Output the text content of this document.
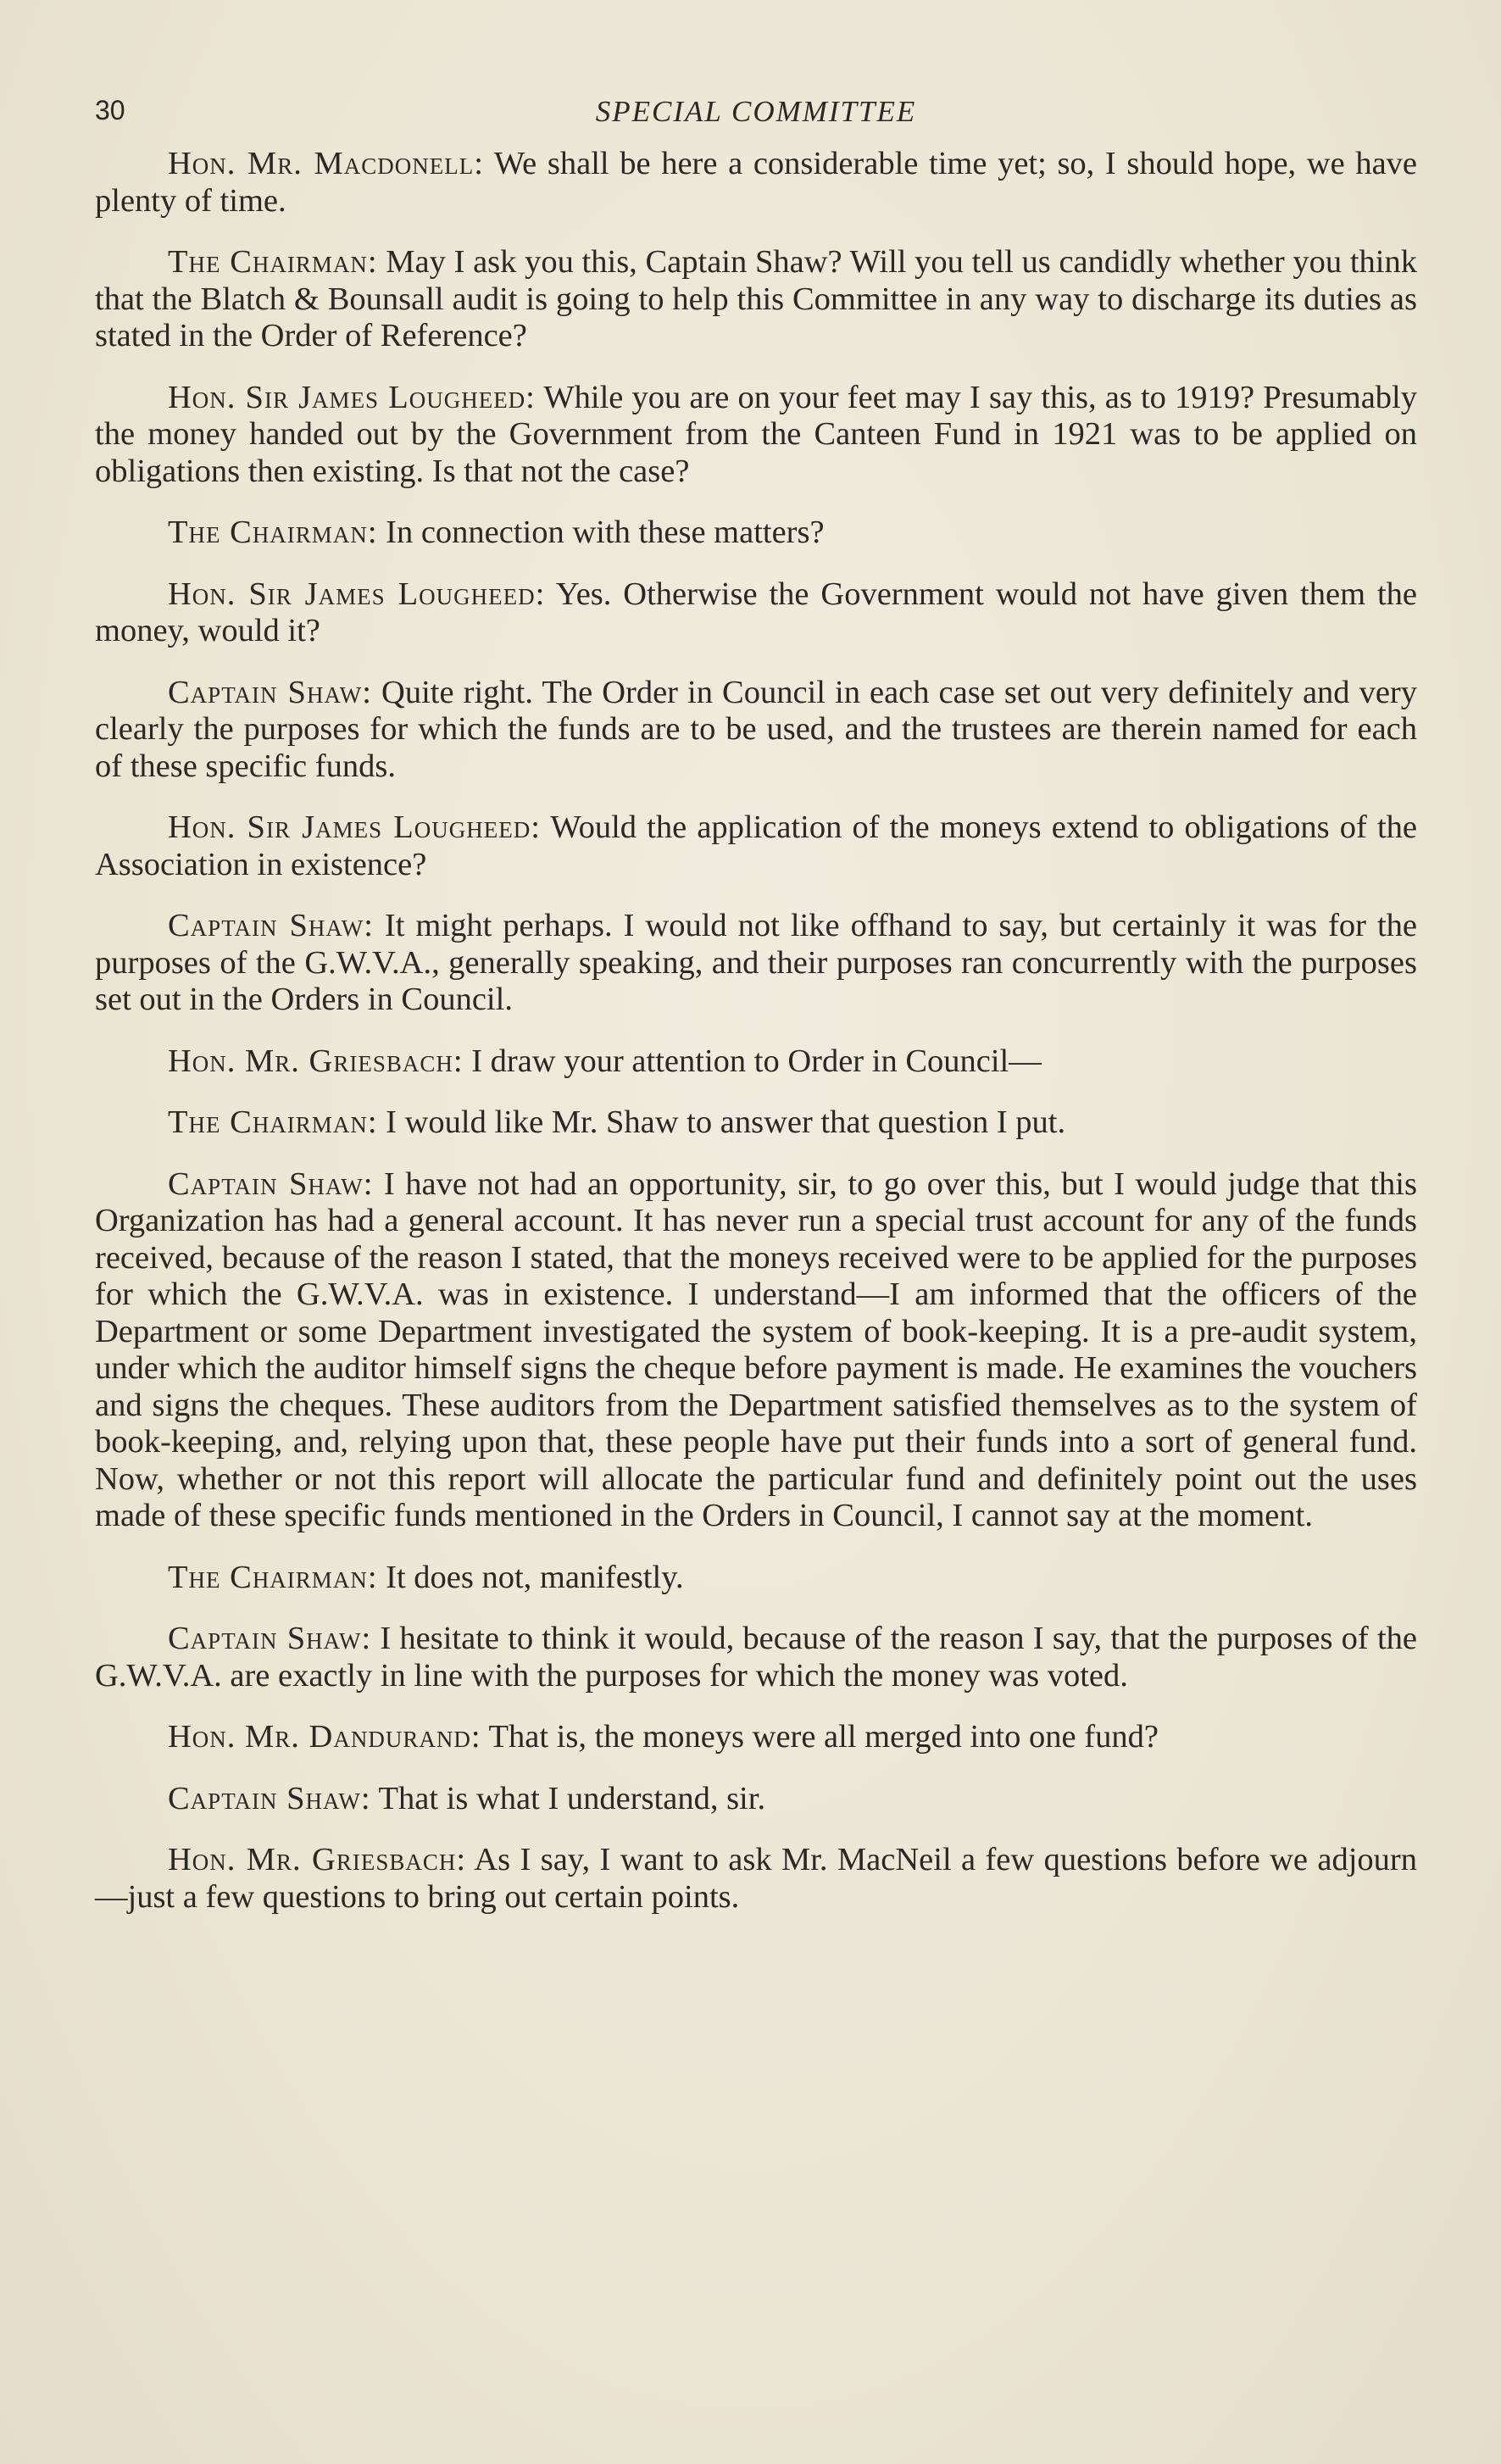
30	SPECIAL COMMITTEE

Hon. Mr. Macdonell: We shall be here a considerable time yet; so, I should hope, we have plenty of time.

The Chairman: May I ask you this, Captain Shaw? Will you tell us candidly whether you think that the Blatch & Bounsall audit is going to help this Committee in any way to discharge its duties as stated in the Order of Reference?

Hon. Sir James Lougheed: While you are on your feet may I say this, as to 1919? Presumably the money handed out by the Government from the Canteen Fund in 1921 was to be applied on obligations then existing. Is that not the case?

The Chairman: In connection with these matters?

Hon. Sir James Lougheed: Yes. Otherwise the Government would not have given them the money, would it?

Captain Shaw: Quite right. The Order in Council in each case set out very definitely and very clearly the purposes for which the funds are to be used, and the trustees are therein named for each of these specific funds.

Hon. Sir James Lougheed: Would the application of the moneys extend to obligations of the Association in existence?

Captain Shaw: It might perhaps. I would not like offhand to say, but certainly it was for the purposes of the G.W.V.A., generally speaking, and their purposes ran concurrently with the purposes set out in the Orders in Council.

Hon. Mr. Griesbach: I draw your attention to Order in Council—

The Chairman: I would like Mr. Shaw to answer that question I put.

Captain Shaw: I have not had an opportunity, sir, to go over this, but I would judge that this Organization has had a general account. It has never run a special trust account for any of the funds received, because of the reason I stated, that the moneys received were to be applied for the purposes for which the G.W.V.A. was in existence. I understand—I am informed that the officers of the Department or some Department investigated the system of book-keeping. It is a pre-audit system, under which the auditor himself signs the cheque before payment is made. He examines the vouchers and signs the cheques. These auditors from the Department satisfied themselves as to the system of book-keeping, and, relying upon that, these people have put their funds into a sort of general fund. Now, whether or not this report will allocate the particular fund and definitely point out the uses made of these specific funds mentioned in the Orders in Council, I cannot say at the moment.

The Chairman: It does not, manifestly.

Captain Shaw: I hesitate to think it would, because of the reason I say, that the purposes of the G.W.V.A. are exactly in line with the purposes for which the money was voted.

Hon. Mr. Dandurand: That is, the moneys were all merged into one fund?

Captain Shaw: That is what I understand, sir.

Hon. Mr. Griesbach: As I say, I want to ask Mr. MacNeil a few questions before we adjourn—just a few questions to bring out certain points.
